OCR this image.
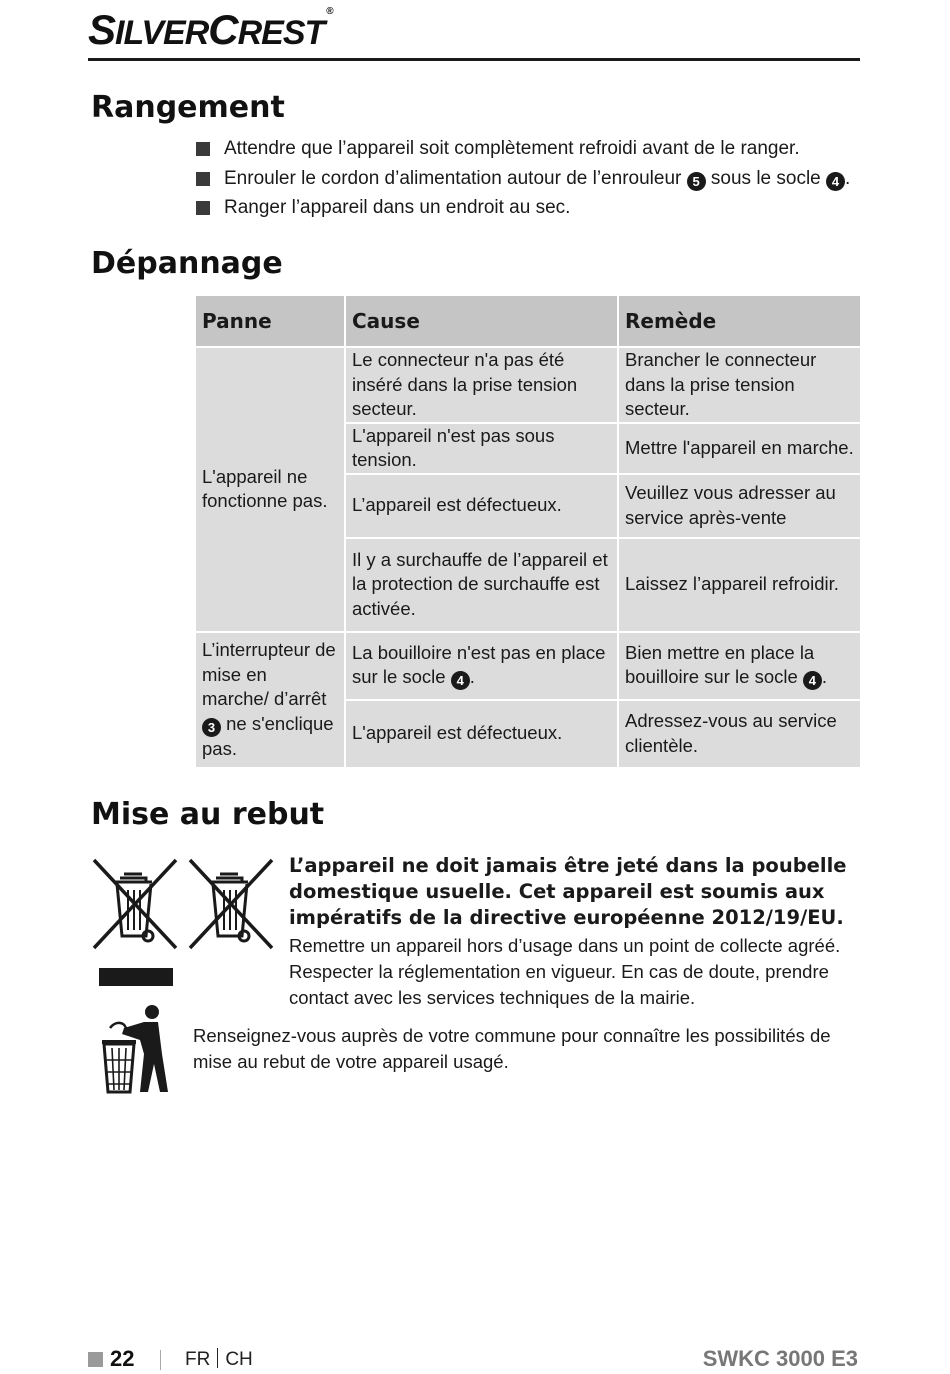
SILVERCREST®
Rangement
Attendre que l’appareil soit complètement refroidi avant de le ranger.
Enrouler le cordon d’alimentation autour de l’enrouleur 5 sous le socle 4 .
Ranger l’appareil dans un endroit au sec.
Dépannage
Panne	Cause	Remède
L'appareil ne fonctionne pas.	Le connecteur n'a pas été inséré dans la prise tension secteur.	Brancher le connecteur dans la prise tension secteur.
	L'appareil n'est pas sous tension.	Mettre l'appareil en marche.
	L’appareil est défectueux.	Veuillez vous adresser au service après-vente
	Il y a surchauffe de l’appareil et la protection de surchauffe est activée.	Laissez l’appareil refroidir.
L’interrupteur de mise en marche/ d’arrêt 3 ne s'enclique pas.	La bouilloire n'est pas en place sur le socle 4 .	Bien mettre en place la bouilloire sur le socle 4 .
	L'appareil est défectueux.	Adressez-vous au service clientèle.
Mise au rebut
L’appareil ne doit jamais être jeté dans la poubelle domestique usuelle. Cet appareil est soumis aux impératifs de la directive européenne 2012/19/EU.
Remettre un appareil hors d’usage dans un point de collecte agréé. Respecter la réglementation en vigueur. En cas de doute, prendre contact avec les services techniques de la mairie.
Renseignez-vous auprès de votre commune pour connaître les possibilités de mise au rebut de votre appareil usagé.
22	FR CH	SWKC 3000 E3
